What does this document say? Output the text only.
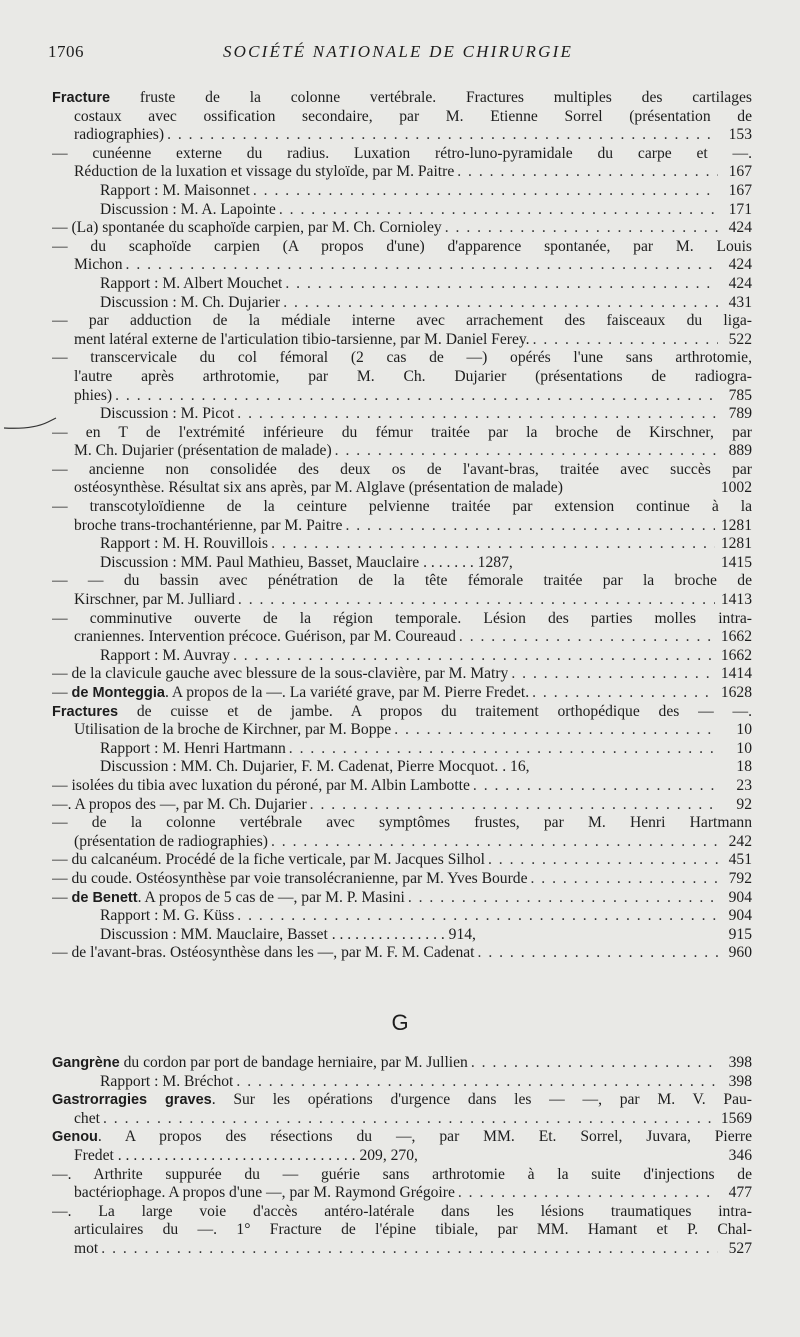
1706	SOCIÉTÉ NATIONALE DE CHIRURGIE
Fracture fruste de la colonne vertébrale. Fractures multiples des cartilages
costaux avec ossification secondaire, par M. Etienne Sorrel (présentation de
radiographies) . . .	153
— cunéenne externe du radius. Luxation rétro-luno-pyramidale du carpe et —.
Réduction de la luxation et vissage du styloïde, par M. Paitre . . .	167
Rapport : M. Maisonnet . . .	167
Discussion : M. A. Lapointe . . .	171
— (La) spontanée du scaphoïde carpien, par M. Ch. Cornioley . . .	424
— du scaphoïde carpien (A propos d'une) d'apparence spontanée, par M. Louis
Michon . . .	424
Rapport : M. Albert Mouchet . . .	424
Discussion : M. Ch. Dujarier . . .	431
— par adduction de la médiale interne avec arrachement des faisceaux du liga-
ment latéral externe de l'articulation tibio-tarsienne, par M. Daniel Ferey. . . .	522
— transcervicale du col fémoral (2 cas de —) opérés l'une sans arthrotomie,
l'autre après arthrotomie, par M. Ch. Dujarier (présentations de radiogra-
phies) . . .	785
Discussion : M. Picot . . .	789
— en T de l'extrémité inférieure du fémur traitée par la broche de Kirschner, par
M. Ch. Dujarier (présentation de malade) . . .	889
— ancienne non consolidée des deux os de l'avant-bras, traitée avec succès par
ostéosynthèse. Résultat six ans après, par M. Alglave (présentation de malade)	1002
— transcotyloïdienne de la ceinture pelvienne traitée par extension continue à la
broche trans-trochantérienne, par M. Paitre . . .	1281
Rapport : M. H. Rouvillois . . .	1281
Discussion : MM. Paul Mathieu, Basset, Mauclaire . . . . . . . 1287,	1415
— — du bassin avec pénétration de la tête fémorale traitée par la broche de
Kirschner, par M. Julliard . . .	1413
— comminutive ouverte de la région temporale. Lésion des parties molles intra-
craniennes. Intervention précoce. Guérison, par M. Coureaud . . .	1662
Rapport : M. Auvray . . .	1662
— de la clavicule gauche avec blessure de la sous-clavière, par M. Matry . . .	1414
— de Monteggia. A propos de la —. La variété grave, par M. Pierre Fredet. . . .	1628
Fractures de cuisse et de jambe. A propos du traitement orthopédique des — —.
Utilisation de la broche de Kirchner, par M. Boppe . . .	10
Rapport : M. Henri Hartmann . . .	10
Discussion : MM. Ch. Dujarier, F. M. Cadenat, Pierre Mocquot. . 16,	18
— isolées du tibia avec luxation du péroné, par M. Albin Lambotte . . .	23
—. A propos des —, par M. Ch. Dujarier . . .	92
— de la colonne vertébrale avec symptômes frustes, par M. Henri Hartmann
(présentation de radiographies) . . .	242
— du calcanéum. Procédé de la fiche verticale, par M. Jacques Silhol . . .	451
— du coude. Ostéosynthèse par voie transolécranienne, par M. Yves Bourde . . .	792
— de Benett. A propos de 5 cas de —, par M. P. Masini . . .	904
Rapport : M. G. Küss . . .	904
Discussion : MM. Mauclaire, Basset . . . . . . . . . . . . . . . 914,	915
— de l'avant-bras. Ostéosynthèse dans les —, par M. F. M. Cadenat . . .	960
G
Gangrène du cordon par port de bandage herniaire, par M. Jullien . . .	398
Rapport : M. Bréchot . . .	398
Gastrorragies graves. Sur les opérations d'urgence dans les — —, par M. V. Pau-
chet . . .	1569
Genou. A propos des résections du —, par MM. Et. Sorrel, Juvara, Pierre
Fredet . . . . . . . . . . . . . . . . . . . . . . . . . . . . . . . 209, 270,	346
—. Arthrite suppurée du — guérie sans arthrotomie à la suite d'injections de
bactériophage. A propos d'une —, par M. Raymond Grégoire . . .	477
—. La large voie d'accès antéro-latérale dans les lésions traumatiques intra-
articulaires du —. 1° Fracture de l'épine tibiale, par MM. Hamant et P. Chal-
mot . . .	527
